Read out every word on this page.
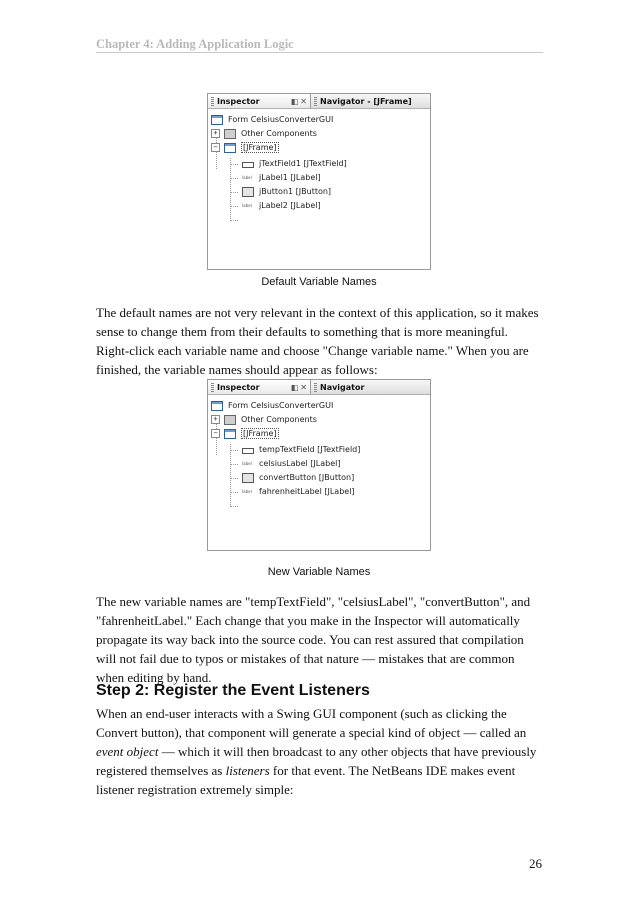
Chapter 4: Adding Application Logic
Inspector	◧ ✕ Navigator - [JFrame]
Form CelsiusConverterGUI
+	Other Components
−	[JFrame]
jTextField1 [JTextField]
label jLabel1 [JLabel]
jButton1 [JButton]
label jLabel2 [JLabel]
Default Variable Names

The default names are not very relevant in the context of this application, so it makes sense to change them from their defaults to something that is more meaningful. Right-click each variable name and choose "Change variable name." When you are finished, the variable names should appear as follows:

Inspector	◧ ✕ Navigator
Form CelsiusConverterGUI
+	Other Components
−	[JFrame]
tempTextField [JTextField]
label celsiusLabel [JLabel]
convertButton [JButton]
label fahrenheitLabel [JLabel]
New Variable Names

The new variable names are "tempTextField", "celsiusLabel", "convertButton", and "fahrenheitLabel." Each change that you make in the Inspector will automatically propagate its way back into the source code. You can rest assured that compilation will not fail due to typos or mistakes of that nature — mistakes that are common when editing by hand.

Step 2: Register the Event Listeners

When an end-user interacts with a Swing GUI component (such as clicking the Convert button), that component will generate a special kind of object — called an event object — which it will then broadcast to any other objects that have previously registered themselves as listeners for that event. The NetBeans IDE makes event listener registration extremely simple:

26
